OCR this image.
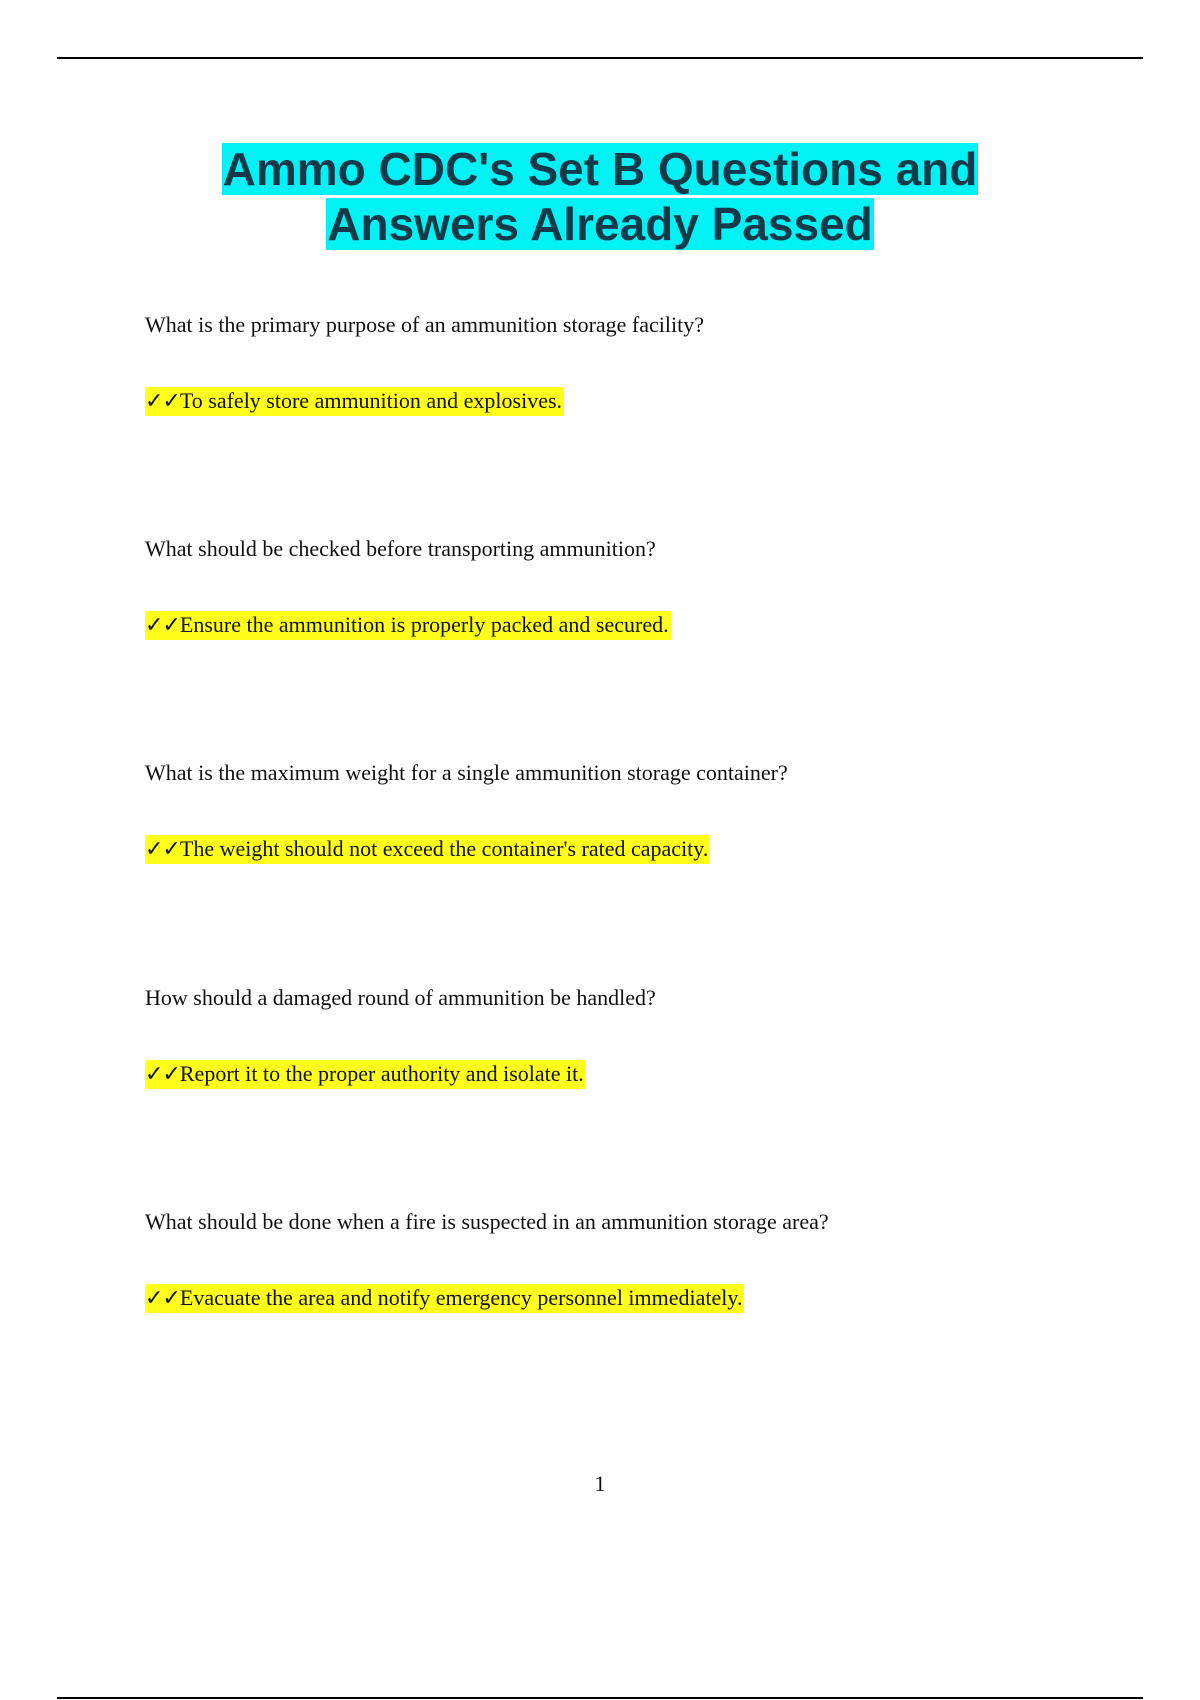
Ammo CDC's Set B Questions and
Answers Already Passed

What is the primary purpose of an ammunition storage facility?

✓✓To safely store ammunition and explosives.

What should be checked before transporting ammunition?

✓✓Ensure the ammunition is properly packed and secured.

What is the maximum weight for a single ammunition storage container?

✓✓The weight should not exceed the container's rated capacity.

How should a damaged round of ammunition be handled?

✓✓Report it to the proper authority and isolate it.

What should be done when a fire is suspected in an ammunition storage area?

✓✓Evacuate the area and notify emergency personnel immediately.
1
